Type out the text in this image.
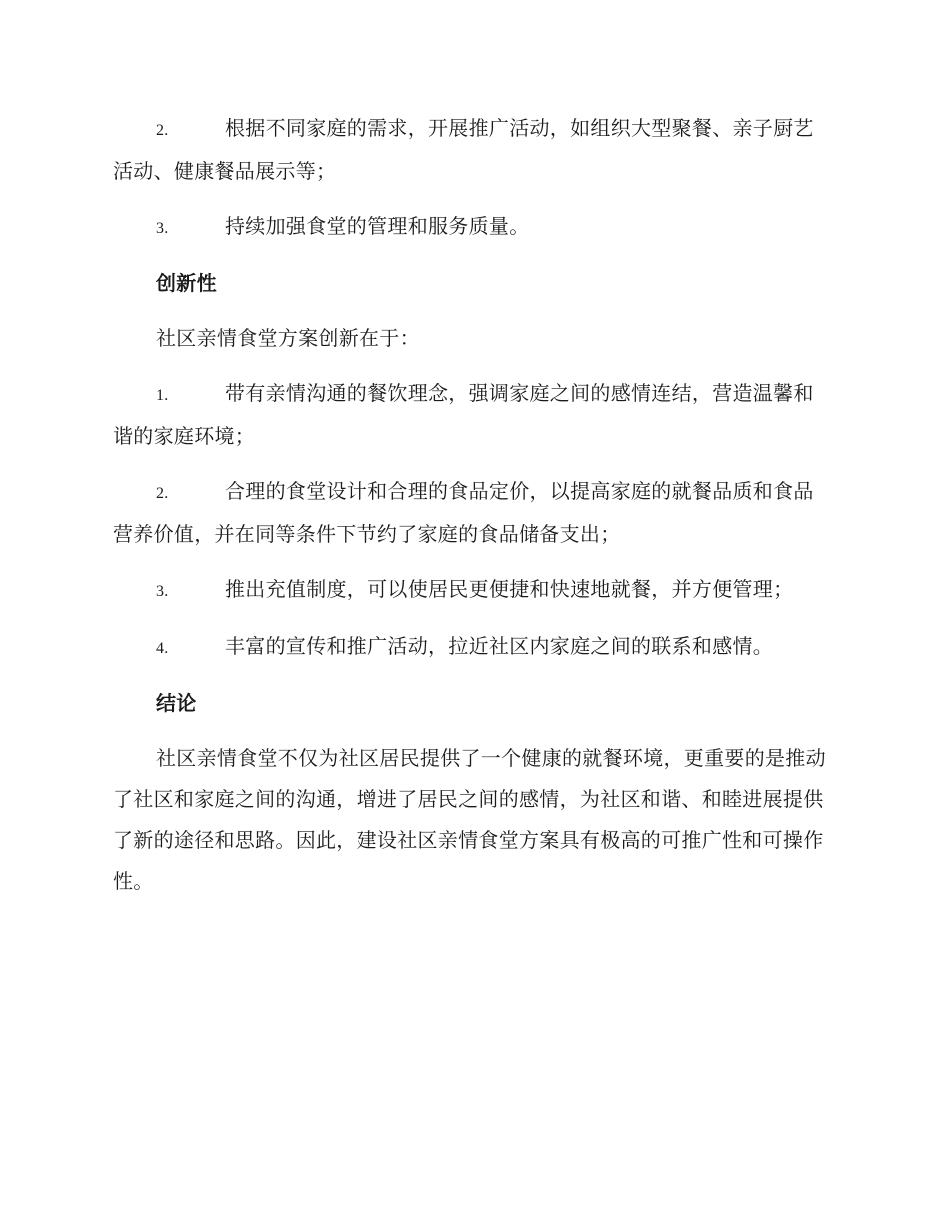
2.	根据不同家庭的需求，开展推广活动，如组织大型聚餐、亲子厨艺活动、健康餐品展示等；
3.	持续加强食堂的管理和服务质量。
创新性
社区亲情食堂方案创新在于：
1.	带有亲情沟通的餐饮理念，强调家庭之间的感情连结，营造温馨和谐的家庭环境；
2.	合理的食堂设计和合理的食品定价，以提高家庭的就餐品质和食品营养价值，并在同等条件下节约了家庭的食品储备支出；
3.	推出充值制度，可以使居民更便捷和快速地就餐，并方便管理；
4.	丰富的宣传和推广活动，拉近社区内家庭之间的联系和感情。
结论
社区亲情食堂不仅为社区居民提供了一个健康的就餐环境，更重要的是推动了社区和家庭之间的沟通，增进了居民之间的感情，为社区和谐、和睦进展提供了新的途径和思路。因此，建设社区亲情食堂方案具有极高的可推广性和可操作性。
